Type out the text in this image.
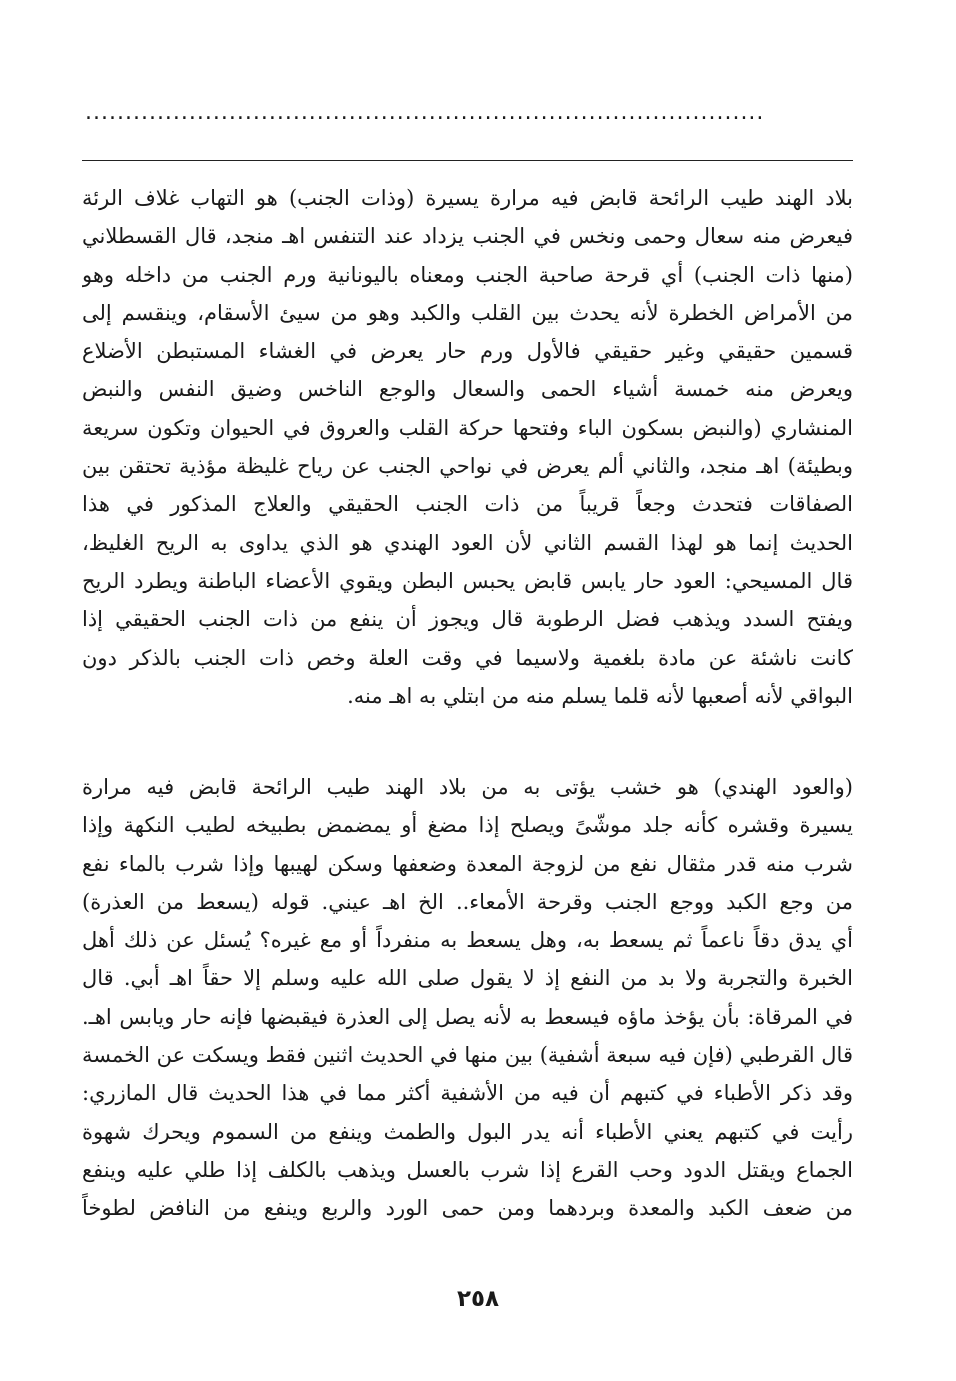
.....................................................................................
بلاد الهند طيب الرائحة قابض فيه مرارة يسيرة (وذات الجنب) هو التهاب غلاف الرئة
فيعرض منه سعال وحمى ونخس في الجنب يزداد عند التنفس اهـ منجد، قال القسطلاني
(منها ذات الجنب) أي قرحة صاحبة الجنب ومعناه باليونانية ورم الجنب من داخله وهو
من الأمراض الخطرة لأنه يحدث بين القلب والكبد وهو من سيئ الأسقام، وينقسم إلى
قسمين حقيقي وغير حقيقي فالأول ورم حار يعرض في الغشاء المستبطن الأضلاع
ويعرض منه خمسة أشياء الحمى والسعال والوجع الناخس وضيق النفس والنبض
المنشاري (والنبض بسكون الباء وفتحها حركة القلب والعروق في الحيوان وتكون سريعة
وبطيئة) اهـ منجد، والثاني ألم يعرض في نواحي الجنب عن رياح غليظة مؤذية تحتقن بين
الصفاقات فتحدث وجعاً قريباً من ذات الجنب الحقيقي والعلاج المذكور في هذا
الحديث إنما هو لهذا القسم الثاني لأن العود الهندي هو الذي يداوى به الريح الغليظ،
قال المسيحي: العود حار يابس قابض يحبس البطن ويقوي الأعضاء الباطنة ويطرد الريح
ويفتح السدد ويذهب فضل الرطوبة قال ويجوز أن ينفع من ذات الجنب الحقيقي إذا
كانت ناشئة عن مادة بلغمية ولاسيما في وقت العلة وخص ذات الجنب بالذكر دون
البواقي لأنه أصعبها لأنه قلما يسلم منه من ابتلي به اهـ منه.
(والعود الهندي) هو خشب يؤتى به من بلاد الهند طيب الرائحة قابض فيه مرارة
يسيرة وقشره كأنه جلد موشّىً ويصلح إذا مضغ أو يمضمض بطبيخه لطيب النكهة وإذا
شرب منه قدر مثقال نفع من لزوجة المعدة وضعفها وسكن لهيبها وإذا شرب بالماء نفع
من وجع الكبد ووجع الجنب وقرحة الأمعاء.. الخ اهـ عيني. قوله (يسعط من العذرة)
أي يدق دقاً ناعماً ثم يسعط به، وهل يسعط به منفرداً أو مع غيره؟ يُسئل عن ذلك أهل
الخبرة والتجربة ولا بد من النفع إذ لا يقول صلى الله عليه وسلم إلا حقاً اهـ أبي. قال
في المرقاة: بأن يؤخذ ماؤه فيسعط به لأنه يصل إلى العذرة فيقبضها فإنه حار ويابس اهـ.
قال القرطبي (فإن فيه سبعة أشفية) بين منها في الحديث اثنين فقط ويسكت عن الخمسة
وقد ذكر الأطباء في كتبهم أن فيه من الأشفية أكثر مما في هذا الحديث قال المازري:
رأيت في كتبهم يعني الأطباء أنه يدر البول والطمث وينفع من السموم ويحرك شهوة
الجماع ويقتل الدود وحب القرع إذا شرب بالعسل ويذهب بالكلف إذا طلي عليه وينفع
من ضعف الكبد والمعدة وبردهما ومن حمى الورد والربع وينفع من النافض لطوخاً
٢٥٨
